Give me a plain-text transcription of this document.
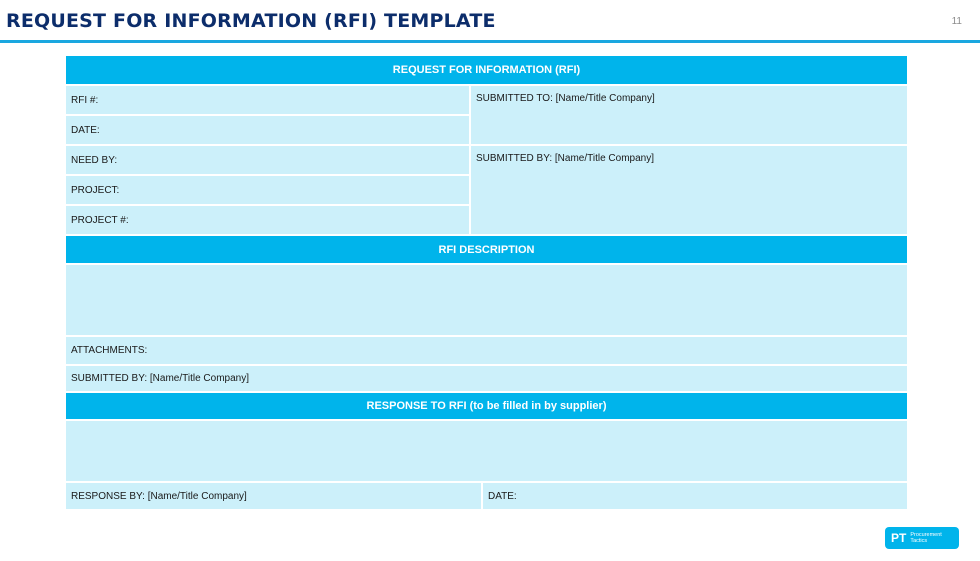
REQUEST FOR INFORMATION (RFI) TEMPLATE	11
REQUEST FOR INFORMATION (RFI)
RFI #:
DATE:
NEED BY:
PROJECT:
PROJECT #:
SUBMITTED TO: [Name/Title Company]
SUBMITTED BY: [Name/Title Company]
RFI DESCRIPTION
ATTACHMENTS:
SUBMITTED BY: [Name/Title Company]
RESPONSE TO RFI (to be filled in by supplier)
RESPONSE BY: [Name/Title Company]	DATE:
PT Procurement
Tactics
